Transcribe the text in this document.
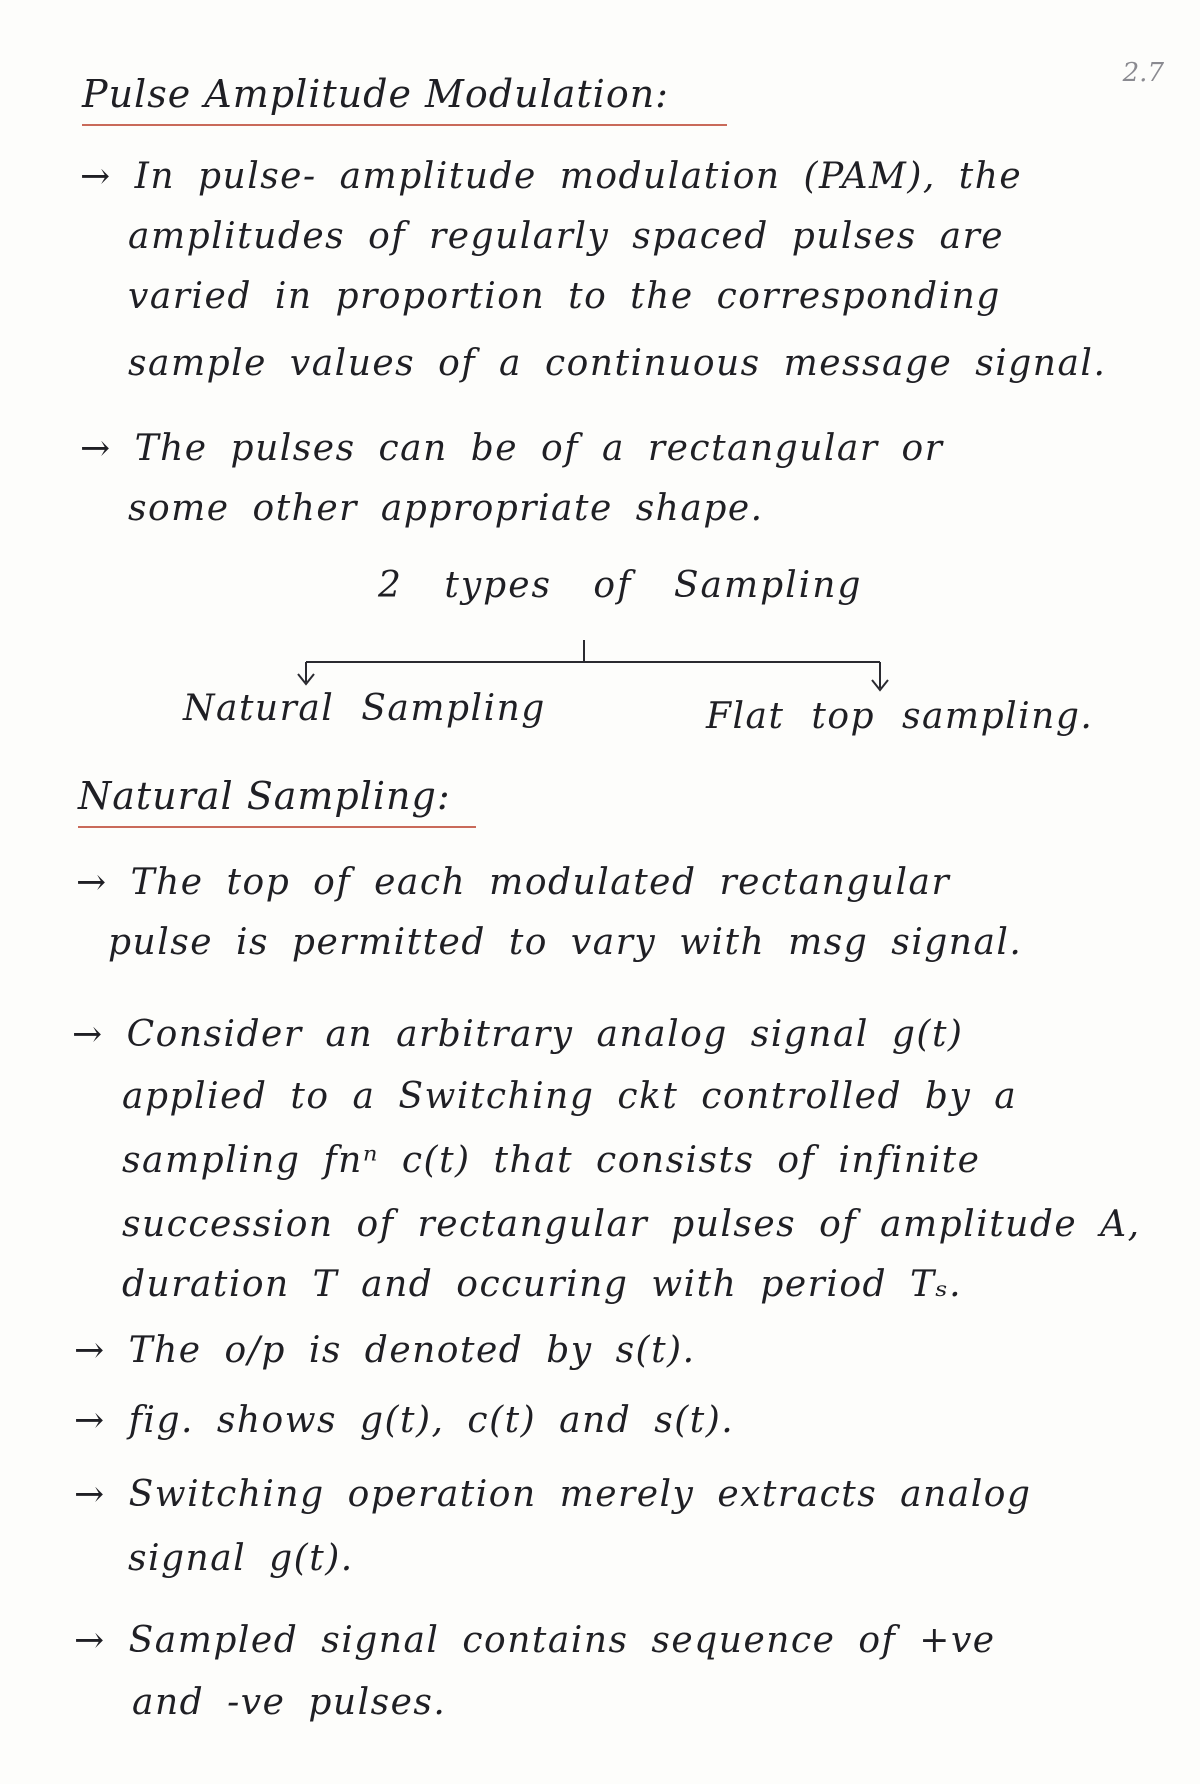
2.7
Pulse Amplitude Modulation:
→ In pulse- amplitude modulation (PAM), the
amplitudes of regularly spaced pulses are
varied in proportion to the corresponding
sample values of a continuous message signal.
→ The pulses can be of a rectangular or
some other appropriate shape.
2 types of Sampling
Natural Sampling	Flat top sampling.
Natural Sampling:
→ The top of each modulated rectangular
pulse is permitted to vary with msg signal.
→ Consider an arbitrary analog signal g(t)
applied to a Switching ckt controlled by a
sampling fnⁿ c(t) that consists of infinite
succession of rectangular pulses of amplitude A,
duration T and occuring with period Tₛ.
→ The o/p is denoted by s(t).
→ fig. shows g(t), c(t) and s(t).
→ Switching operation merely extracts analog
signal g(t).
→ Sampled signal contains sequence of +ve
and -ve pulses.
